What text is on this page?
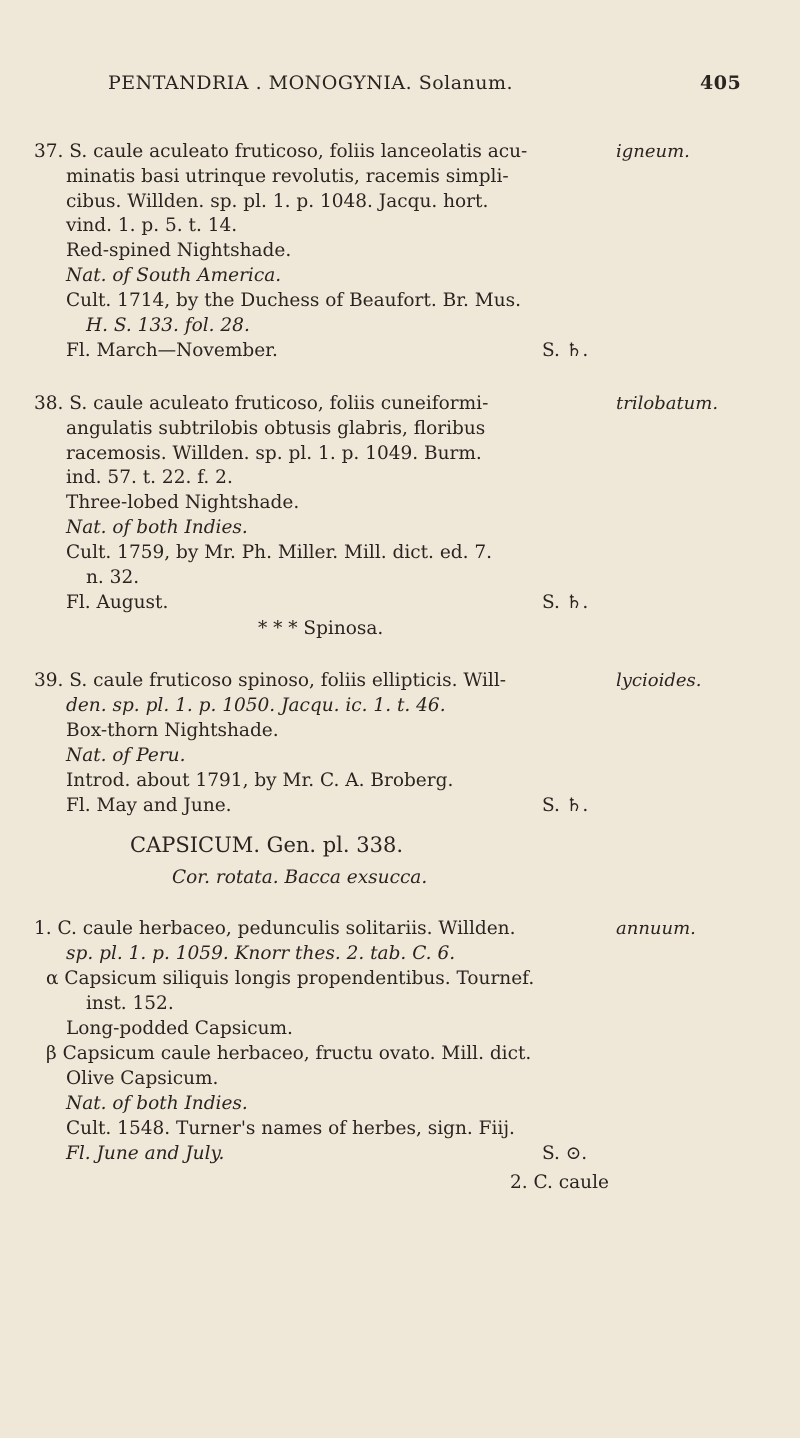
PENTANDRIA . MONOGYNIA. Solanum.	405
37. S. caule aculeato fruticoso, foliis lanceolatis acu-
minatis basi utrinque revolutis, racemis simpli-
cibus. Willden. sp. pl. 1. p. 1048. Jacqu. hort.
vind. 1. p. 5. t. 14.
Red-spined Nightshade.
Nat. of South America.
Cult. 1714, by the Duchess of Beaufort. Br. Mus.
H. S. 133. fol. 28.
Fl. March—November.	S. ♄.
igneum.
38. S. caule aculeato fruticoso, foliis cuneiformi-
angulatis subtrilobis obtusis glabris, floribus
racemosis. Willden. sp. pl. 1. p. 1049. Burm.
ind. 57. t. 22. f. 2.
Three-lobed Nightshade.
Nat. of both Indies.
Cult. 1759, by Mr. Ph. Miller. Mill. dict. ed. 7.
n. 32.
Fl. August.	S. ♄.
* * * Spinosa.
trilobatum.
39. S. caule fruticoso spinoso, foliis ellipticis. Will-
den. sp. pl. 1. p. 1050. Jacqu. ic. 1. t. 46.
Box-thorn Nightshade.
Nat. of Peru.
Introd. about 1791, by Mr. C. A. Broberg.
Fl. May and June.	S. ♄.
lycioides.
CAPSICUM. Gen. pl. 338.
Cor. rotata. Bacca exsucca.
1. C. caule herbaceo, pedunculis solitariis. Willden.
sp. pl. 1. p. 1059. Knorr thes. 2. tab. C. 6.
α Capsicum siliquis longis propendentibus. Tournef.
inst. 152.
Long-podded Capsicum.
β Capsicum caule herbaceo, fructu ovato. Mill. dict.
Olive Capsicum.
Nat. of both Indies.
Cult. 1548. Turner's names of herbes, sign. Fiij.
Fl. June and July.	S. ⊙.
2. C. caule
annuum.
